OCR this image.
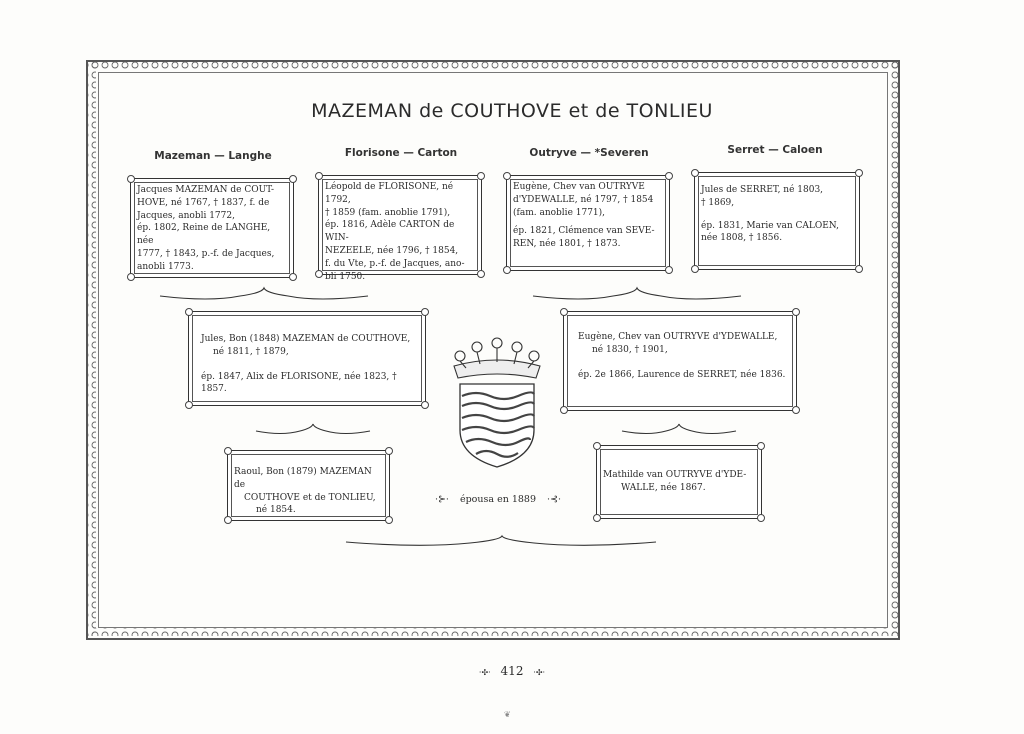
MAZEMAN de COUTHOVE et de TONLIEU
Mazeman — Langhe	Florisone — Carton	Outryve — *Severen	Serret — Caloen

Jacques MAZEMAN de COUT-

HOVE, né 1767, † 1837, f. de

Jacques, anobli 1772,

ép. 1802, Reine de LANGHE, née

1777, † 1843, p.-f. de Jacques,

anobli 1773.

Léopold de FLORISONE, né 1792,

† 1859 (fam. anoblie 1791),

ép. 1816, Adèle CARTON de WIN-

NEZEELE, née 1796, † 1854,

f. du Vte, p.-f. de Jacques, ano-

bli 1750.

Eugène, Chev van OUTRYVE

d'YDEWALLE, né 1797, † 1854

(fam. anoblie 1771),

ép. 1821, Clémence van SEVE-

REN, née 1801, † 1873.

Jules de SERRET, né 1803,

† 1869,

ép. 1831, Marie van CALOEN,

née 1808, † 1856.

Jules, Bon (1848) MAZEMAN de COUTHOVE,

né 1811, † 1879,

ép. 1847, Alix de FLORISONE, née 1823, † 1857.

Eugène, Chev van OUTRYVE d'YDEWALLE,

né 1830, † 1901,

ép. 2e 1866, Laurence de SERRET, née 1836.

Raoul, Bon (1879) MAZEMAN de

COUTHOVE et de TONLIEU,

né 1854.

Mathilde van OUTRYVE d'YDE-

WALLE, née 1867.

·⊱· épousa en 1889 ·⊰·
·✣· 412 ·✣·
❦
